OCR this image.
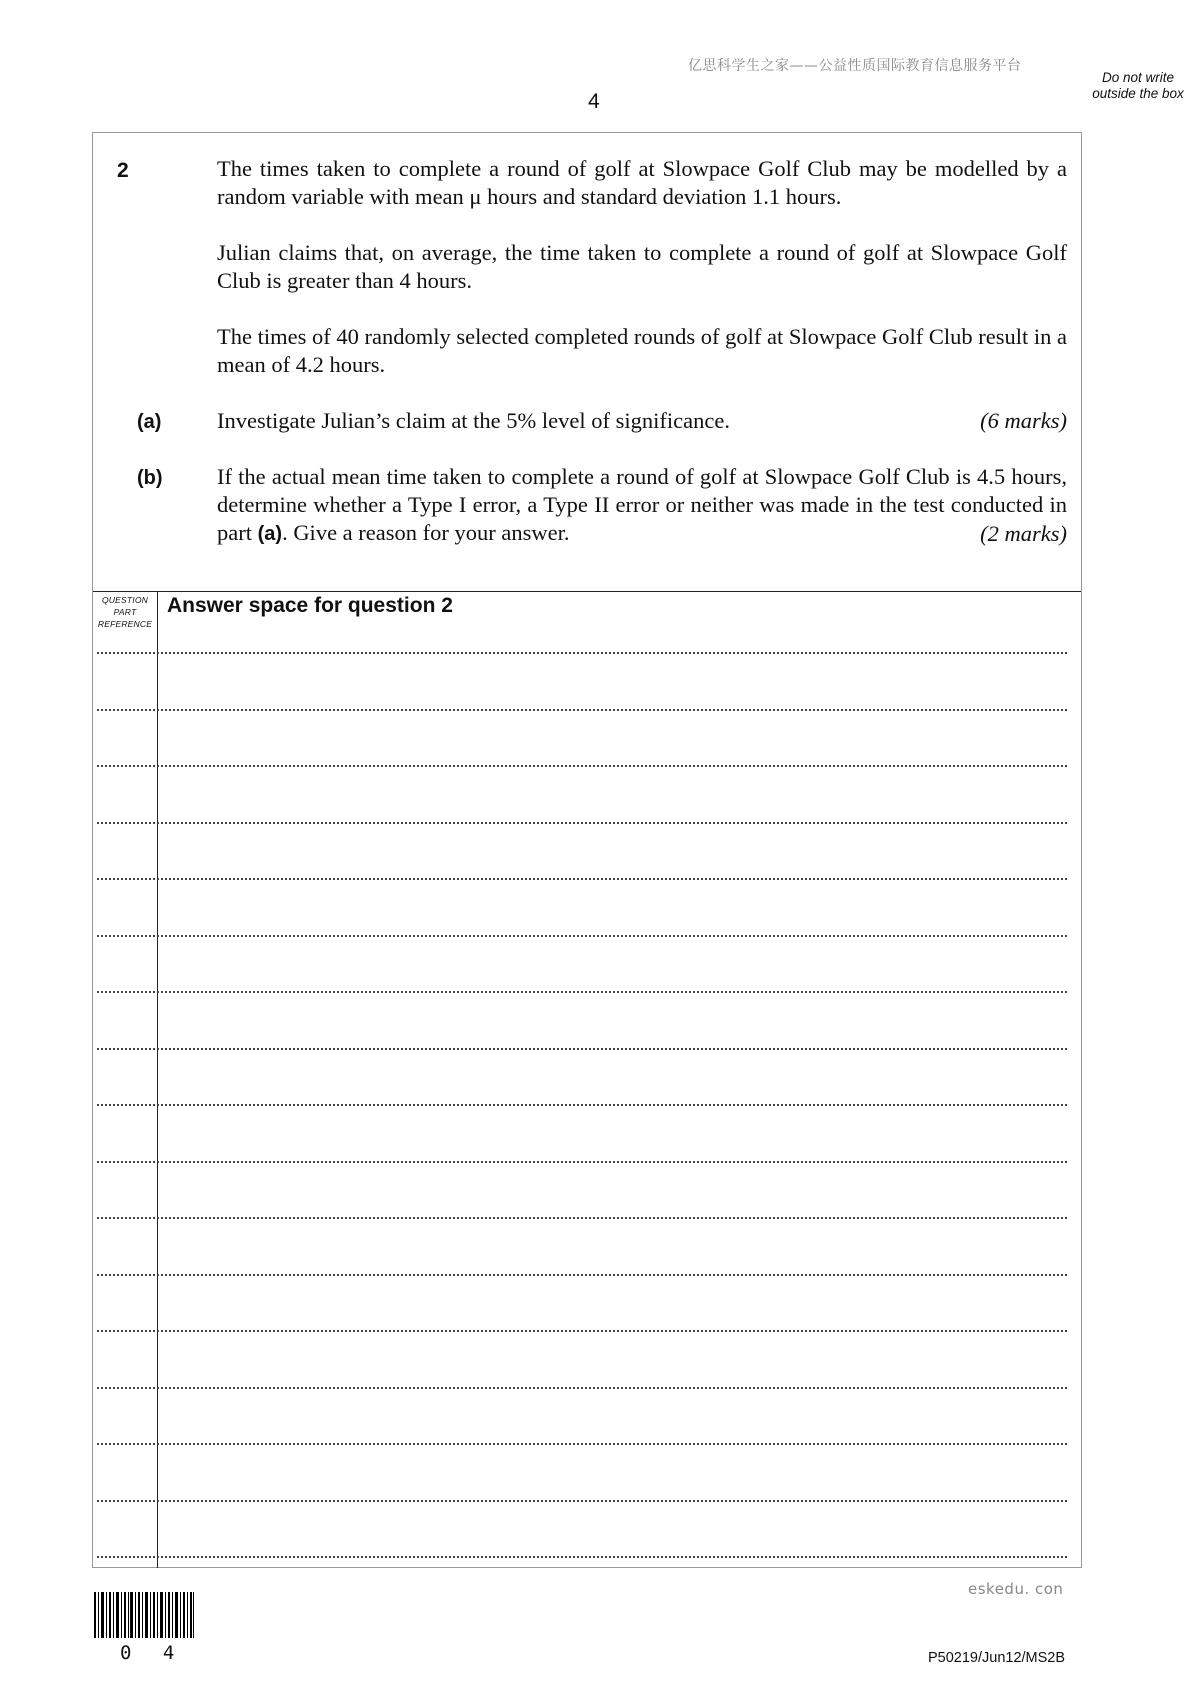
亿思科学生之家——公益性质国际教育信息服务平台
4
Do not write outside the box
2	The times taken to complete a round of golf at Slowpace Golf Club may be modelled by a random variable with mean μ hours and standard deviation 1.1 hours.
Julian claims that, on average, the time taken to complete a round of golf at Slowpace Golf Club is greater than 4 hours.
The times of 40 randomly selected completed rounds of golf at Slowpace Golf Club result in a mean of 4.2 hours.
(a) Investigate Julian’s claim at the 5% level of significance.	(6 marks)
(b) If the actual mean time taken to complete a round of golf at Slowpace Golf Club is 4.5 hours, determine whether a Type I error, a Type II error or neither was made in the test conducted in part (a). Give a reason for your answer.	(2 marks)
QUESTION PART REFERENCE
Answer space for question 2
eskedu. con
0 4	P50219/Jun12/MS2B
